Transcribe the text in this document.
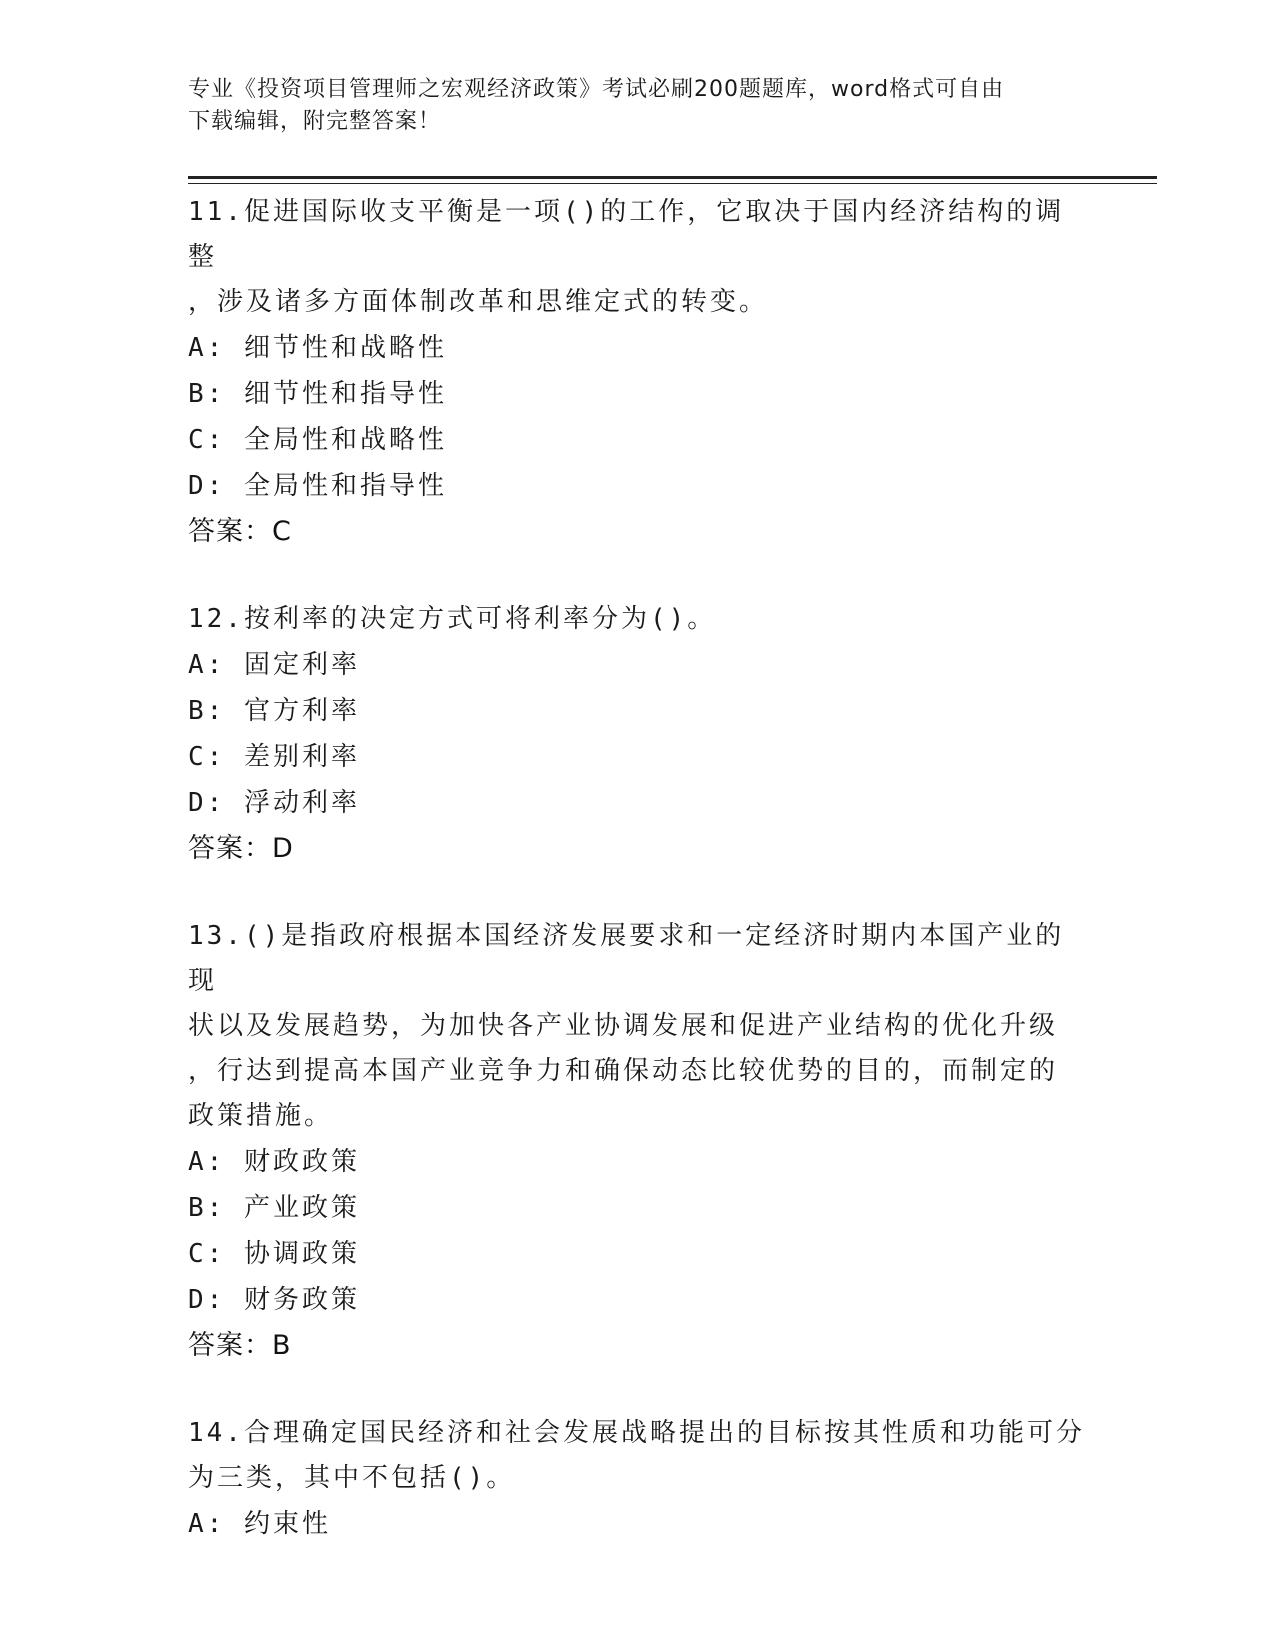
专业《投资项目管理师之宏观经济政策》考试必刷200题题库，word格式可自由
下载编辑，附完整答案！
11.促进国际收支平衡是一项()的工作，它取决于国内经济结构的调整
，涉及诸多方面体制改革和思维定式的转变。
A: 细节性和战略性
B: 细节性和指导性
C: 全局性和战略性
D: 全局性和指导性
答案：C
12.按利率的决定方式可将利率分为()。
A: 固定利率
B: 官方利率
C: 差别利率
D: 浮动利率
答案：D
13.()是指政府根据本国经济发展要求和一定经济时期内本国产业的现
状以及发展趋势，为加快各产业协调发展和促进产业结构的优化升级
，行达到提高本国产业竞争力和确保动态比较优势的目的，而制定的
政策措施。
A: 财政政策
B: 产业政策
C: 协调政策
D: 财务政策
答案：B
14.合理确定国民经济和社会发展战略提出的目标按其性质和功能可分
为三类，其中不包括()。
A: 约束性
